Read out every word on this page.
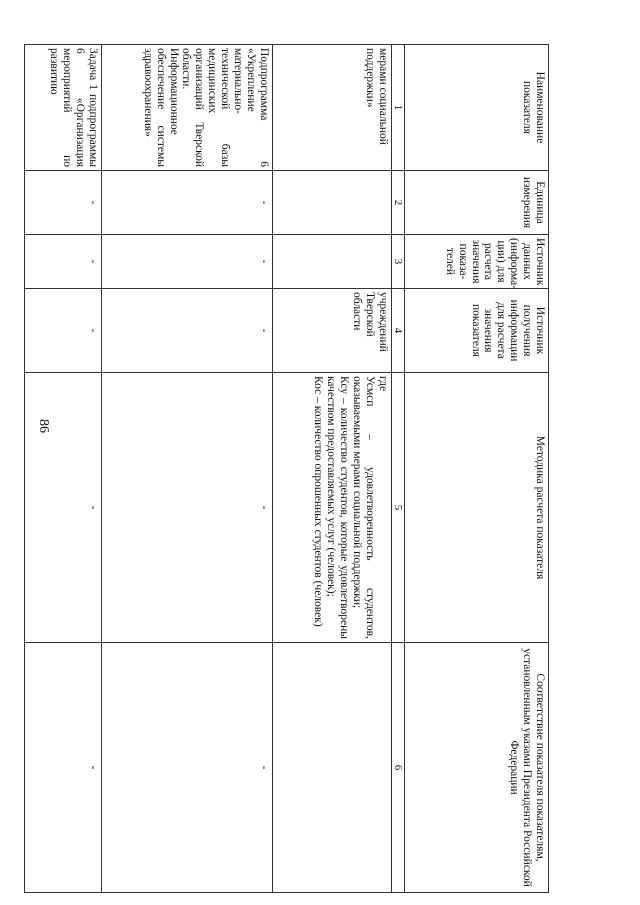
86
Наименование показателя	Единица измерения	Источник данных (информа-ции) для расчета значения показа-телей	Источник получения информации для расчета значения показателя	Методика расчета показателя	Соответствие показателя показателям, установленным указами Президента Российской Федерации
1	2	3	4	5	6
мерами социальной поддержки»			учреждений Тверской области	где
Усмсп – удовлетворенность студентов, оказываемыми мерами социальной поддержки;
Ксу – количество студентов, которые удовлетворены качеством предоставляемых услуг (человек);
Кос – количество опрошенных студентов (человек)	
Подпрограмма 6 «Укрепление материально-технической базы медицинских организаций Тверской области. Информационное обеспечение системы здравоохранения»	-	-	-	-	-
Задача 1 подпрограммы 6 «Организация мероприятий по развитию	-	-	-	-	-
